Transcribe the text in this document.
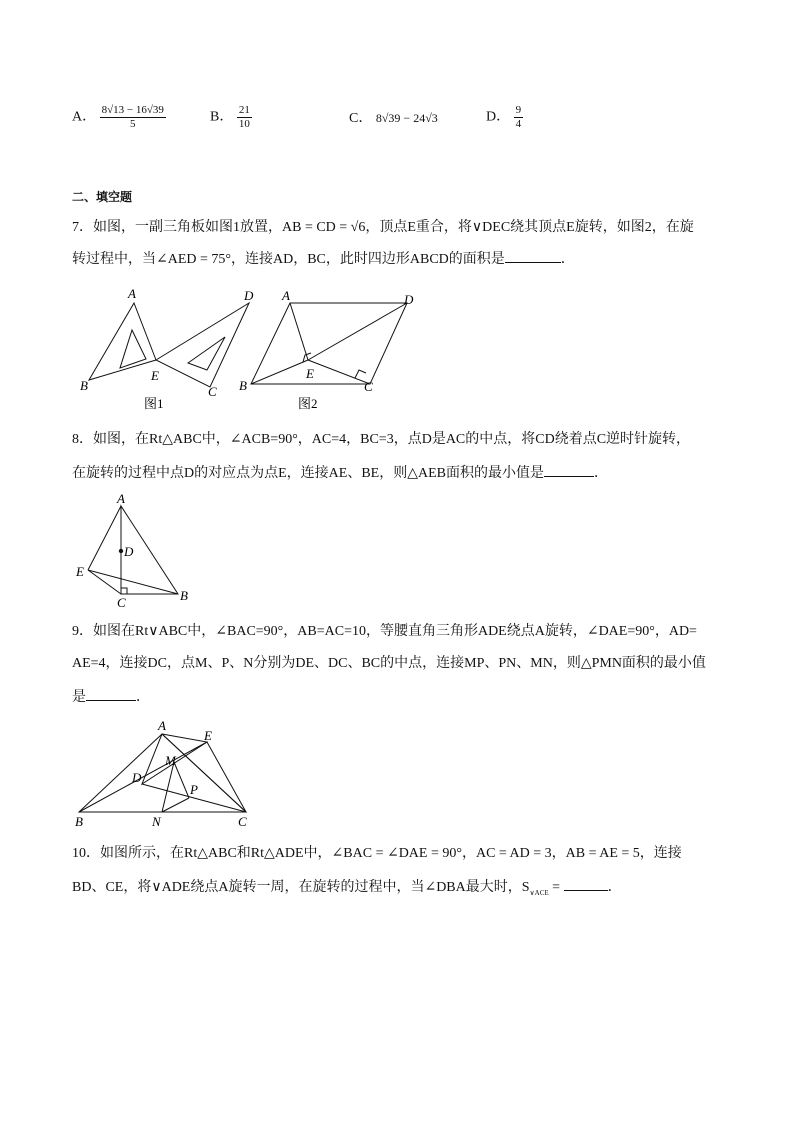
A． $\frac{8√13 - 16√39}{5}$	B． $\frac{21}{10}$	C． 8√39 − 24√3	D． $\frac{9}{4}$
二、填空题
7．如图，一副三角板如图1放置，AB = CD = √6，顶点E重合，将∨DEC绕其顶点E旋转，如图2，在旋
转过程中，当∠AED = 75°，连接AD，BC，此时四边形ABCD的面积是	．
A
B
E
C
D
图1
A	D
B
E
C
图2
8．如图，在Rt△ABC中，∠ACB=90°，AC=4，BC=3，点D是AC的中点，将CD绕着点C逆时针旋转，
在旋转的过程中点D的对应点为点E，连接AE、BE，则△AEB面积的最小值是	．
A
D
E
C	B
9．如图在Rt∨ABC中，∠BAC=90°，AB=AC=10，等腰直角三角形ADE绕点A旋转，∠DAE=90°，AD=
AE=4，连接DC，点M、P、N分别为DE、DC、BC的中点，连接MP、PN、MN，则△PMN面积的最小值
是	．
A
E
M
D
P
B	N	C
10．如图所示，在Rt△ABC和Rt△ADE中，∠BAC = ∠DAE = 90°，AC = AD = 3，AB = AE = 5，连接
BD、CE，将∨ADE绕点A旋转一周，在旋转的过程中，当∠DBA最大时，$S_{\vee ACE}$ =	．
